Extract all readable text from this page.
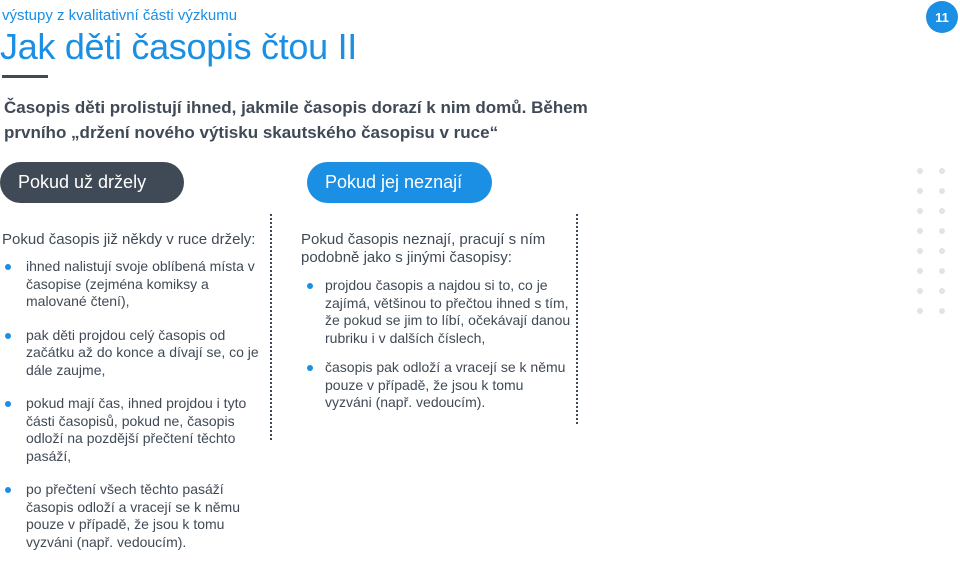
výstupy z kvalitativní části výzkumu
Jak děti časopis čtou II
11
Časopis děti prolistují ihned, jakmile časopis dorazí k nim domů. Během prvního „držení nového výtisku skautského časopisu v ruce“
Pokud už držely	Pokud jej neznají
Pokud časopis již někdy v ruce držely:
ihned nalistují svoje oblíbená místa v časopise (zejména komiksy a malované čtení),
pak děti projdou celý časopis od začátku až do konce a dívají se, co je dále zaujme,
pokud mají čas, ihned projdou i tyto části časopisů, pokud ne, časopis odloží na pozdější přečtení těchto pasáží,
po přečtení všech těchto pasáží časopis odloží a vracejí se k němu pouze v případě, že jsou k tomu vyzváni (např. vedoucím).
Pokud časopis neznají, pracují s ním podobně jako s jinými časopisy:
projdou časopis a najdou si to, co je zajímá, většinou to přečtou ihned s tím, že pokud se jim to líbí, očekávají danou rubriku i v dalších číslech,
časopis pak odloží a vracejí se k němu pouze v případě, že jsou k tomu vyzváni (např. vedoucím).
